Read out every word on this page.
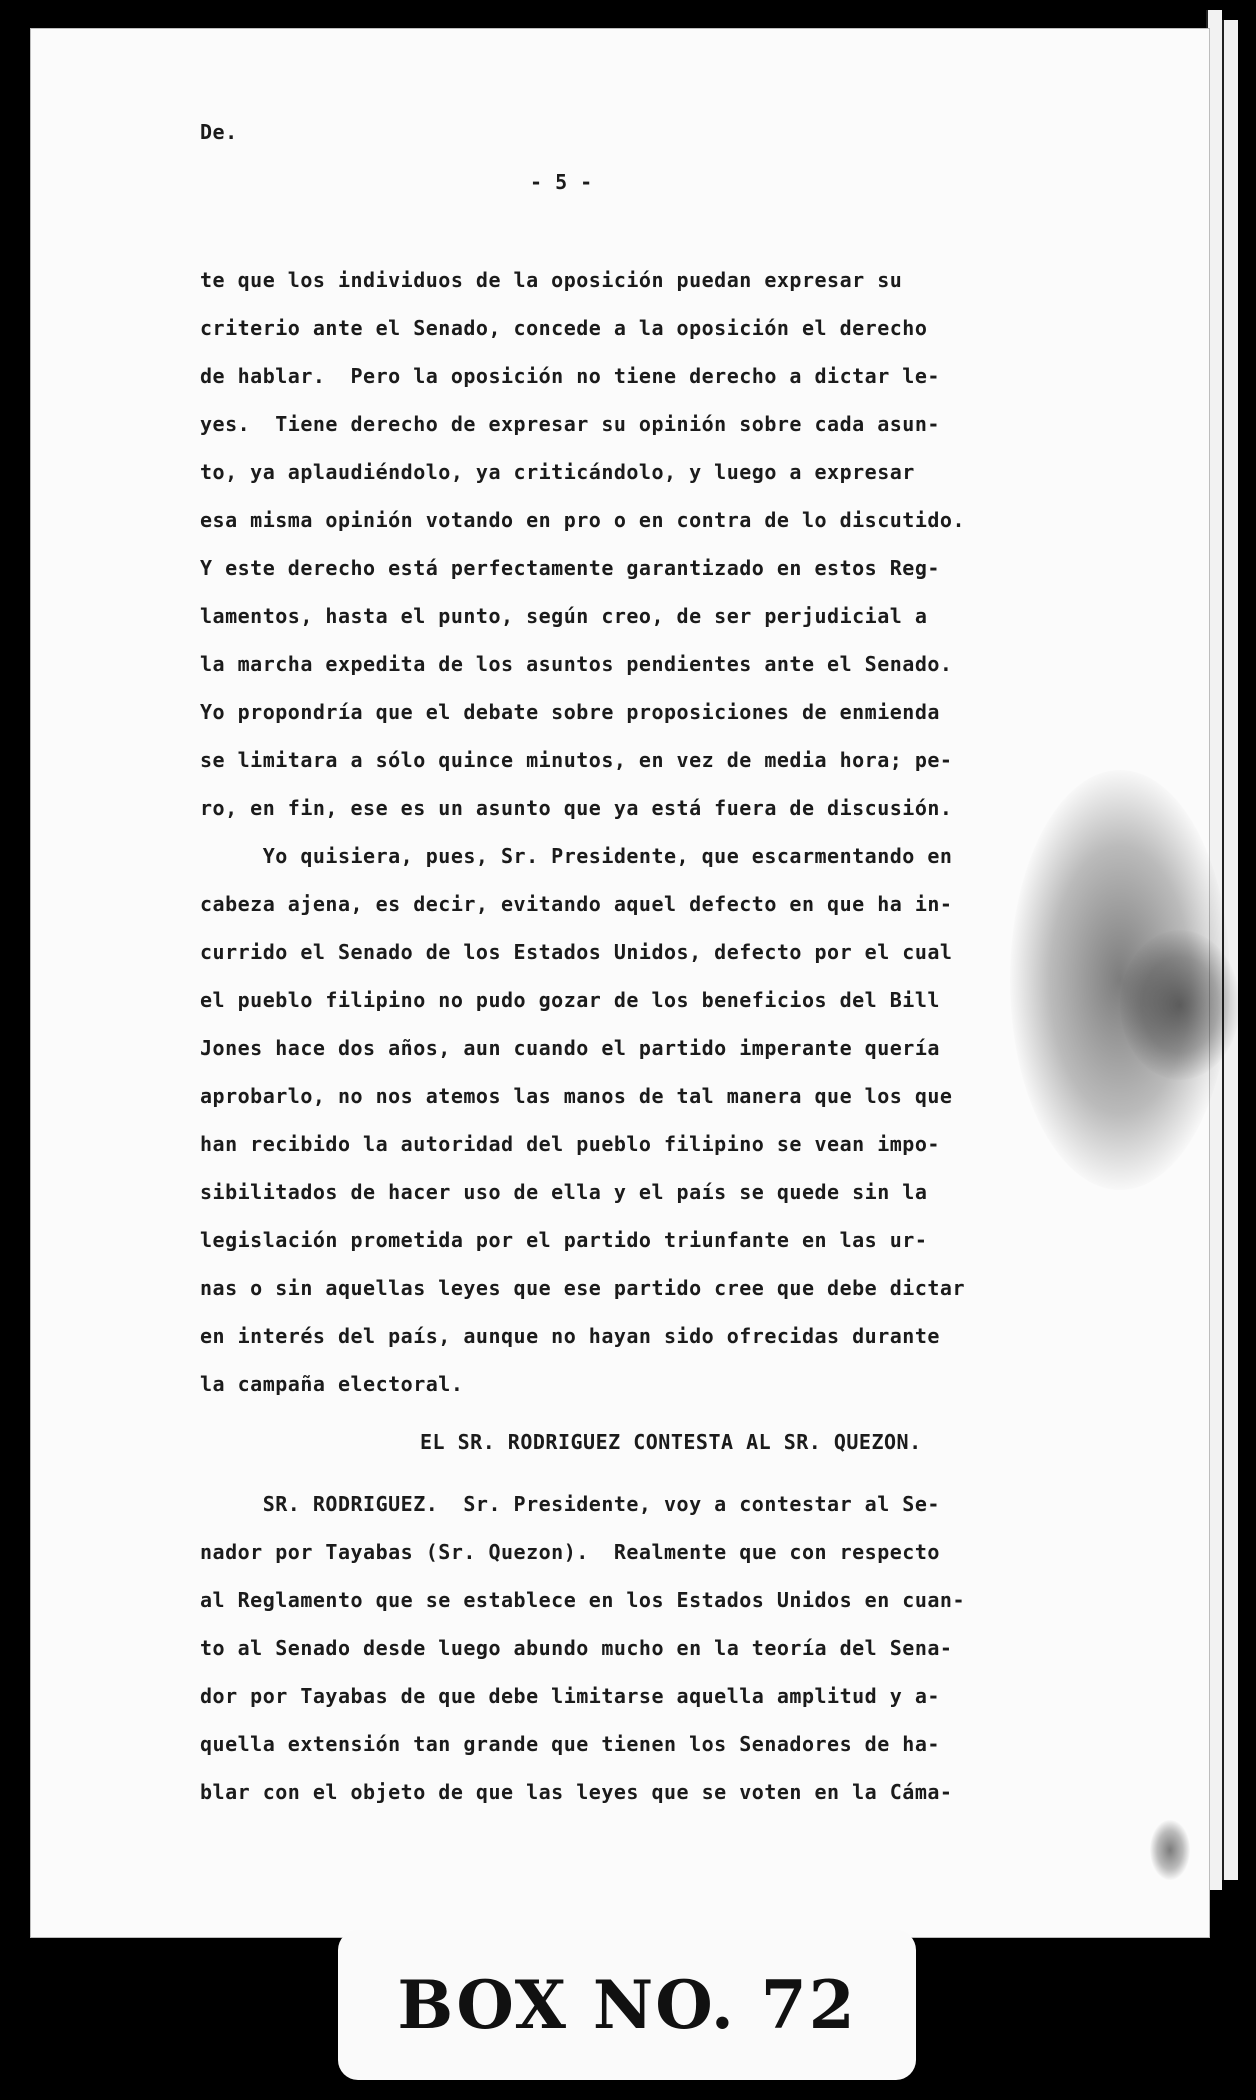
De.

- 5 -

te que los individuos de la oposición puedan expresar su
criterio ante el Senado, concede a la oposición el derecho
de hablar.  Pero la oposición no tiene derecho a dictar le-
yes.  Tiene derecho de expresar su opinión sobre cada asun-
to, ya aplaudiéndolo, ya criticándolo, y luego a expresar
esa misma opinión votando en pro o en contra de lo discutido.
Y este derecho está perfectamente garantizado en estos Reg-
lamentos, hasta el punto, según creo, de ser perjudicial a
la marcha expedita de los asuntos pendientes ante el Senado.
Yo propondría que el debate sobre proposiciones de enmienda
se limitara a sólo quince minutos, en vez de media hora; pe-
ro, en fin, ese es un asunto que ya está fuera de discusión.
Yo quisiera, pues, Sr. Presidente, que escarmentando en
cabeza ajena, es decir, evitando aquel defecto en que ha in-
currido el Senado de los Estados Unidos, defecto por el cual
el pueblo filipino no pudo gozar de los beneficios del Bill
Jones hace dos años, aun cuando el partido imperante quería
aprobarlo, no nos atemos las manos de tal manera que los que
han recibido la autoridad del pueblo filipino se vean impo-
sibilitados de hacer uso de ella y el país se quede sin la
legislación prometida por el partido triunfante en las ur-
nas o sin aquellas leyes que ese partido cree que debe dictar
en interés del país, aunque no hayan sido ofrecidas durante
la campaña electoral.

EL SR. RODRIGUEZ CONTESTA AL SR. QUEZON.

SR. RODRIGUEZ.  Sr. Presidente, voy a contestar al Se-
nador por Tayabas (Sr. Quezon).  Realmente que con respecto
al Reglamento que se establece en los Estados Unidos en cuan-
to al Senado desde luego abundo mucho en la teoría del Sena-
dor por Tayabas de que debe limitarse aquella amplitud y a-
quella extensión tan grande que tienen los Senadores de ha-
blar con el objeto de que las leyes que se voten en la Cáma-
BOX NO. 72
